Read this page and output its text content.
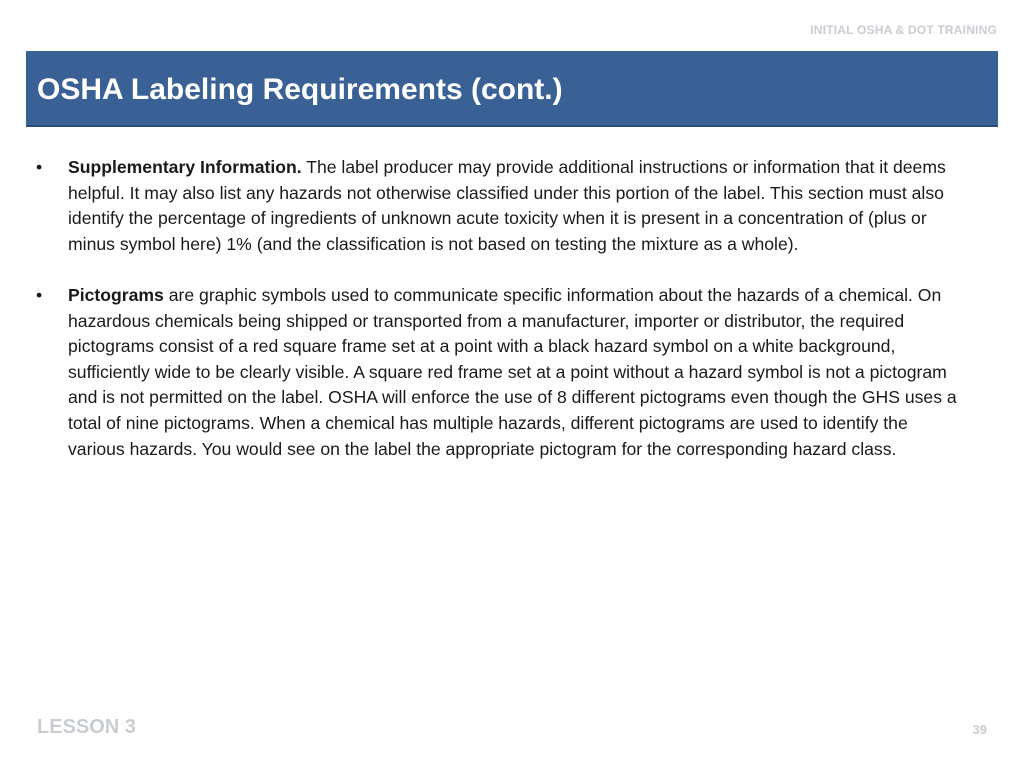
INITIAL OSHA & DOT TRAINING
OSHA Labeling Requirements (cont.)
•	Supplementary Information. The label producer may provide additional instructions or information that it deems helpful. It may also list any hazards not otherwise classified under this portion of the label. This section must also identify the percentage of ingredients of unknown acute toxicity when it is present in a concentration of (plus or minus symbol here) 1% (and the classification is not based on testing the mixture as a whole).
•	Pictograms are graphic symbols used to communicate specific information about the hazards of a chemical. On hazardous chemicals being shipped or transported from a manufacturer, importer or distributor, the required pictograms consist of a red square frame set at a point with a black hazard symbol on a white background, sufficiently wide to be clearly visible. A square red frame set at a point without a hazard symbol is not a pictogram and is not permitted on the label. OSHA will enforce the use of 8 different pictograms even though the GHS uses a total of nine pictograms. When a chemical has multiple hazards, different pictograms are used to identify the various hazards. You would see on the label the appropriate pictogram for the corresponding hazard class.
LESSON 3	39
